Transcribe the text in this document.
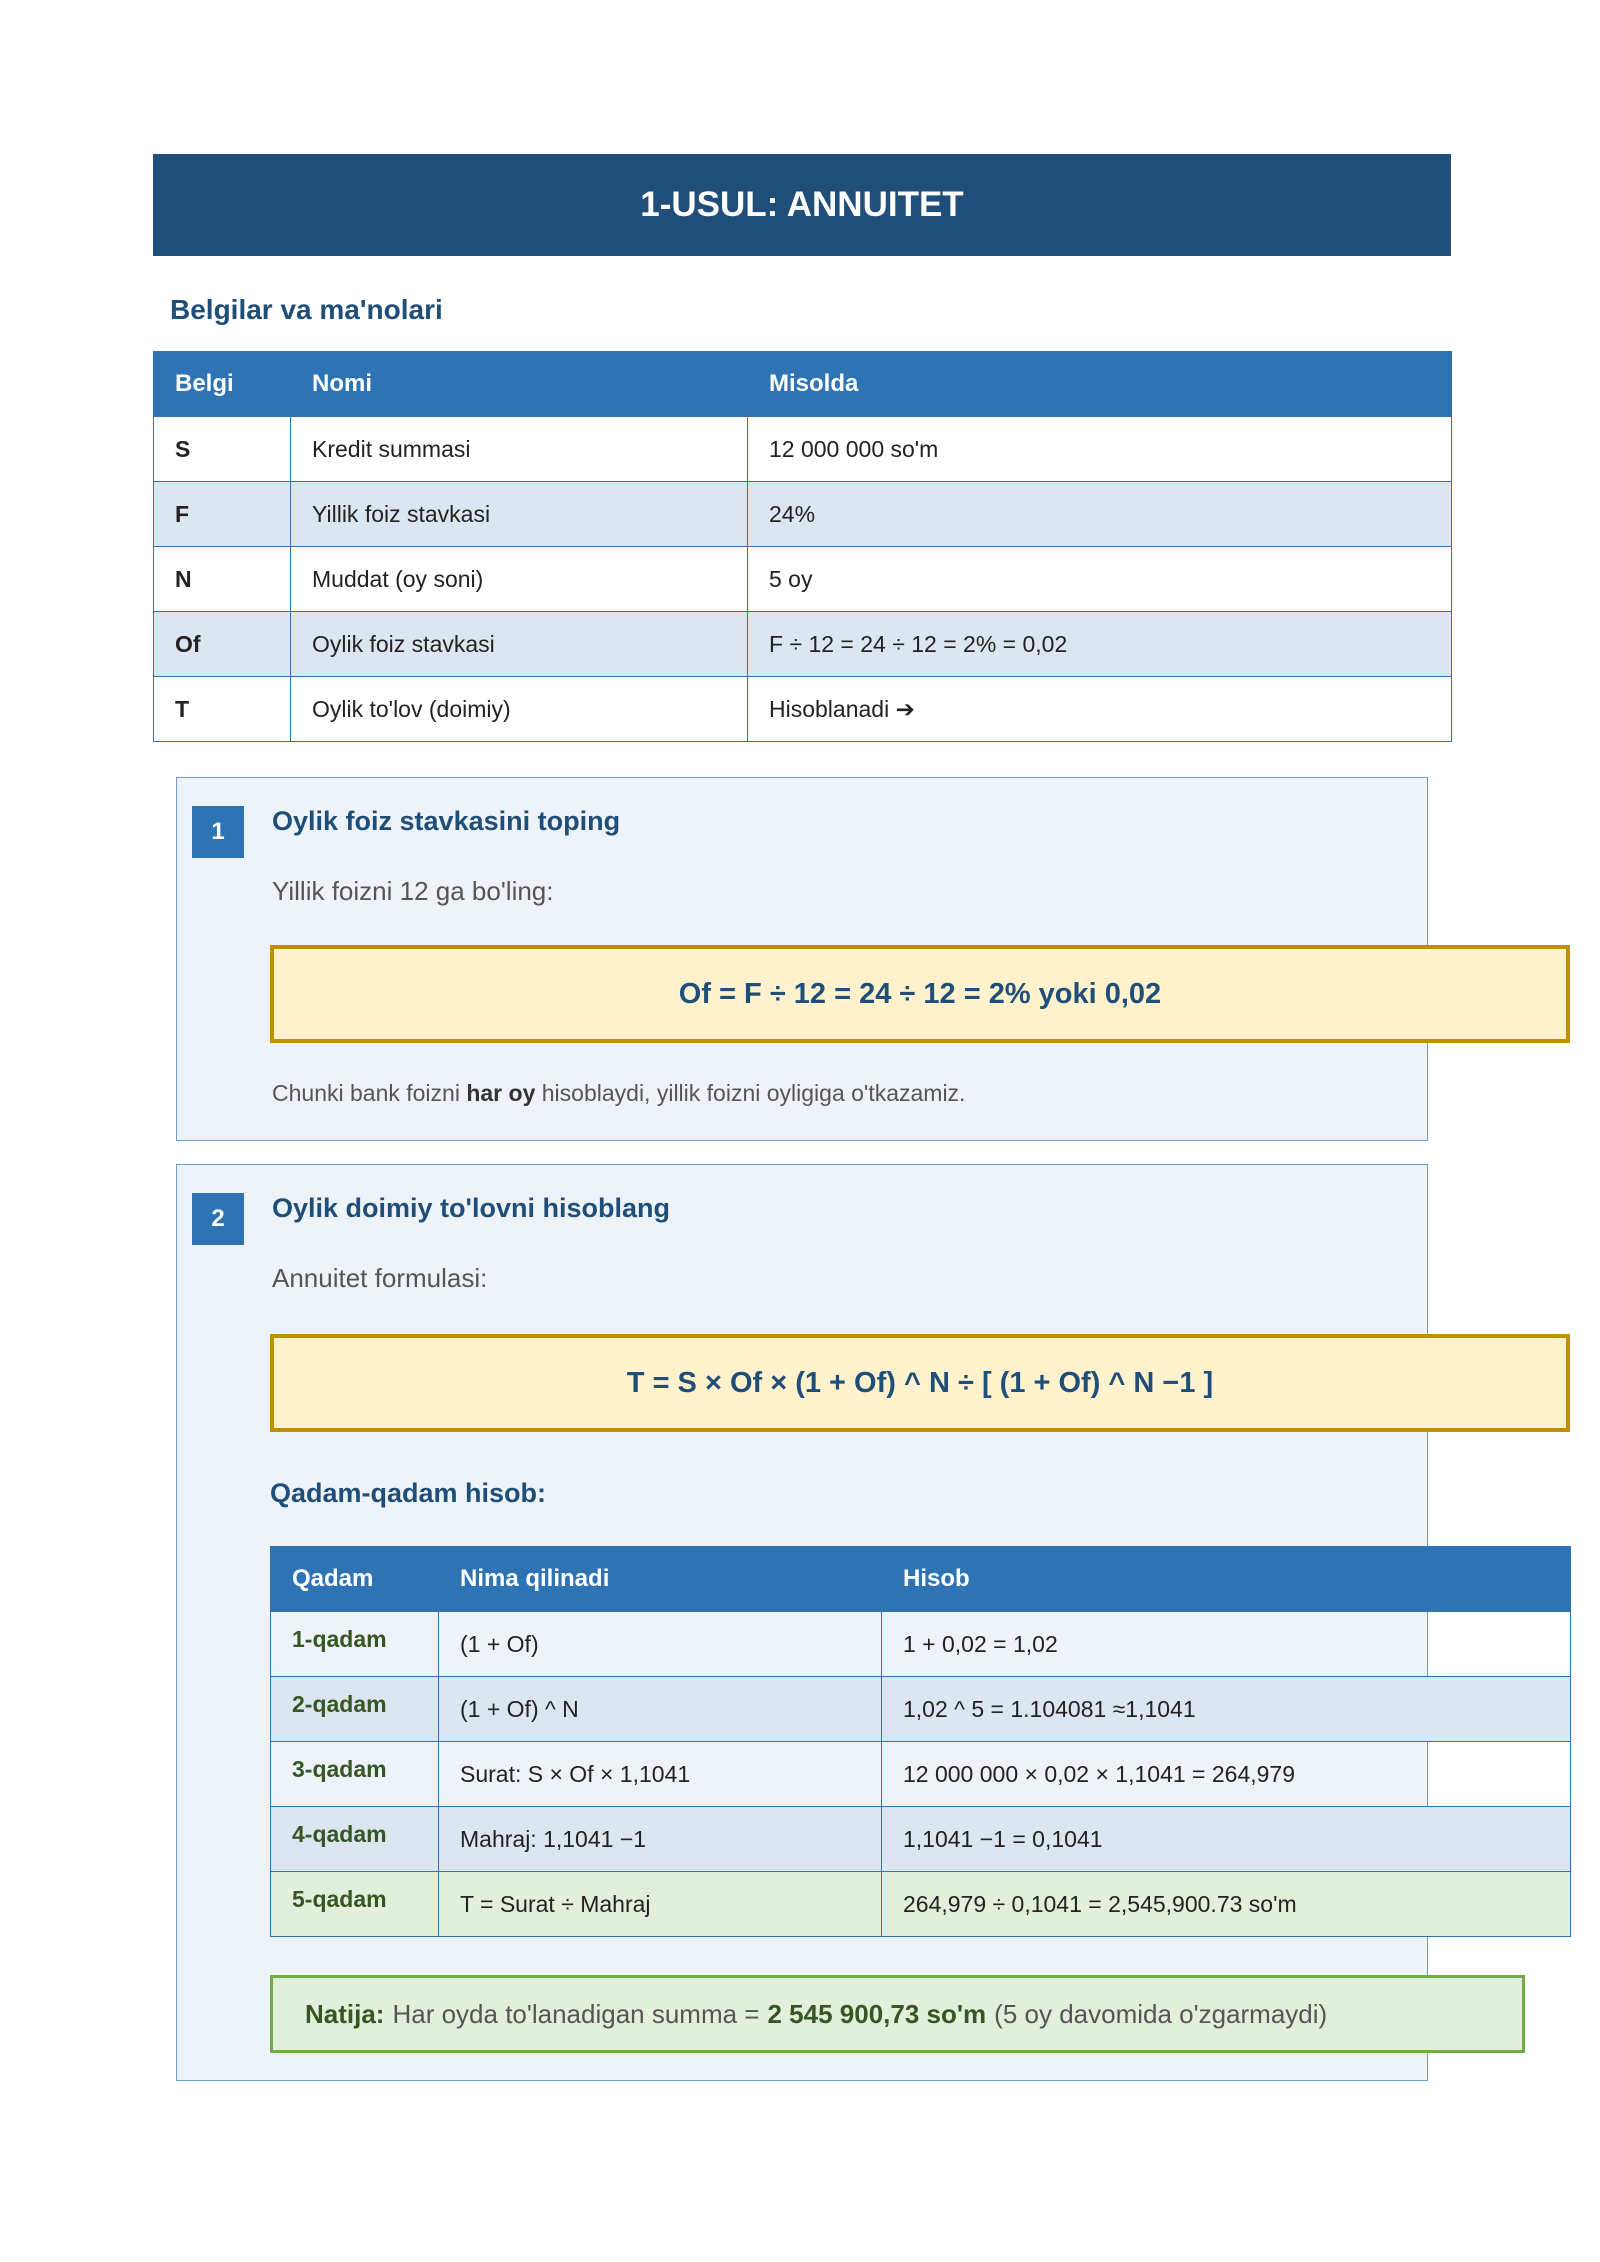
1-USUL: ANNUITET
Belgilar va ma'nolari
Belgi	Nomi	Misolda
S	Kredit summasi	12 000 000 so'm
F	Yillik foiz stavkasi	24%
N	Muddat (oy soni)	5 oy
Of	Oylik foiz stavkasi	F ÷ 12 = 24 ÷ 12 = 2% = 0,02
T	Oylik to'lov (doimiy)	Hisoblanadi ➔
1	Oylik foiz stavkasini toping
Yillik foizni 12 ga bo'ling:
Chunki bank foizni har oy hisoblaydi, yillik foizni oyligiga o'tkazamiz.
Of = F ÷ 12 = 24 ÷ 12 = 2% yoki 0,02
2	Oylik doimiy to'lovni hisoblang
Annuitet formulasi:
T = S × Of × (1 + Of) ^ N ÷ [ (1 + Of) ^ N −1 ]
Qadam-qadam hisob:
Qadam	Nima qilinadi	Hisob
1-qadam	(1 + Of)	1 + 0,02 = 1,02
2-qadam	(1 + Of) ^ N	1,02 ^ 5 = 1.104081 ≈1,1041
3-qadam	Surat: S × Of × 1,1041	12 000 000 × 0,02 × 1,1041 = 264,979
4-qadam	Mahraj: 1,1041 −1	1,1041 −1 = 0,1041
5-qadam	T = Surat ÷ Mahraj	264,979 ÷ 0,1041 = 2,545,900.73 so'm
Natija: Har oyda to'lanadigan summa = 2 545 900,73 so'm (5 oy davomida o'zgarmaydi)
